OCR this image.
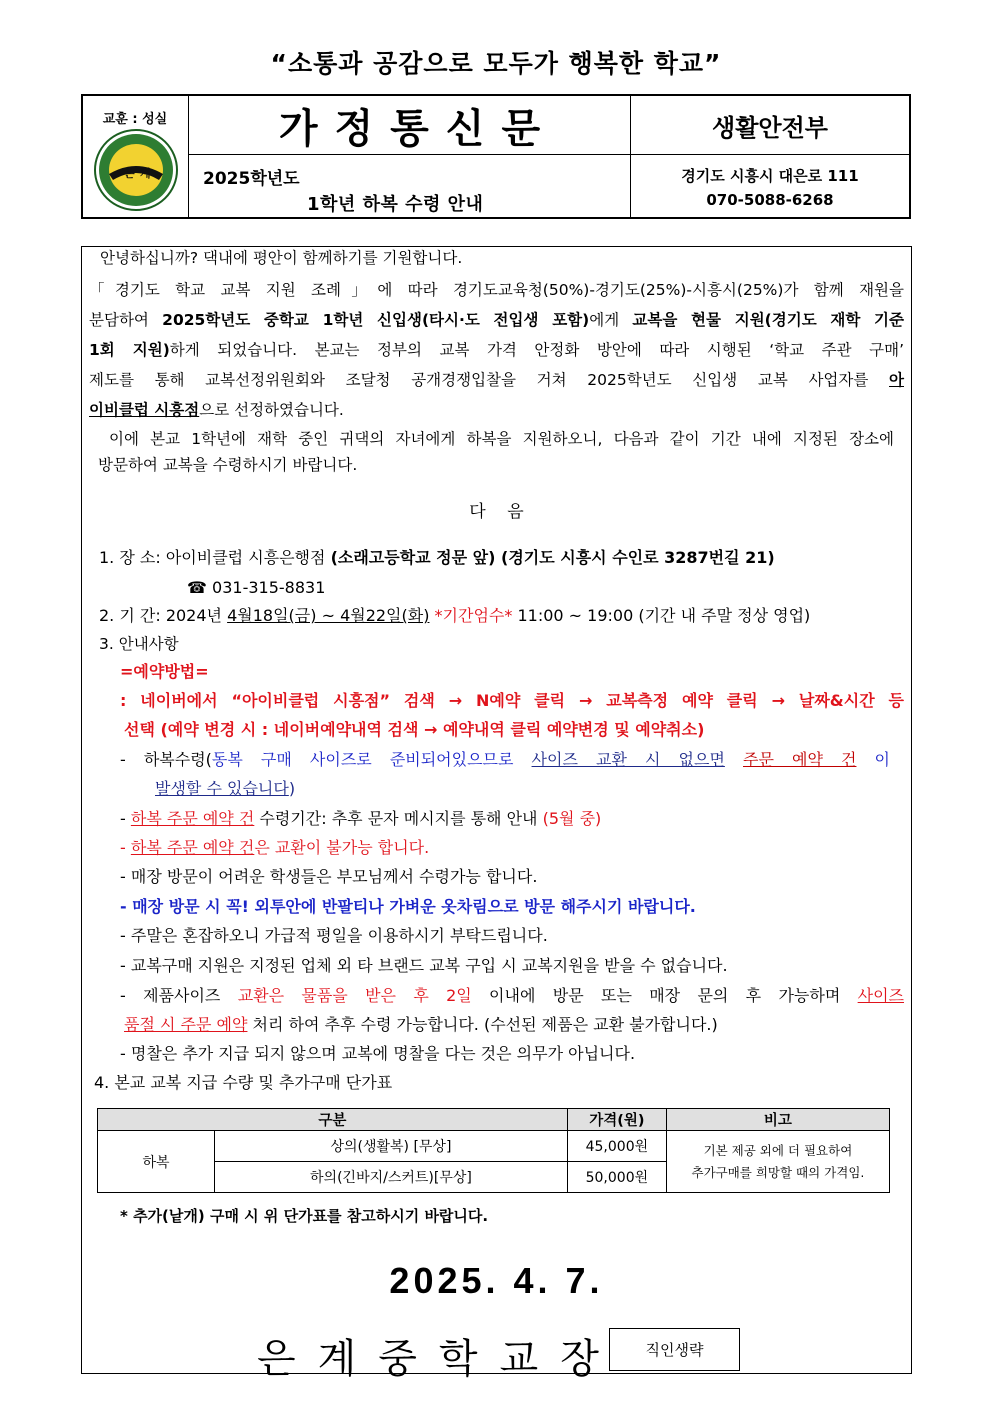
“소통과 공감으로 모두가 행복한 학교”
교훈 : 성실
은 계
가정통신문	생활안전부
2025학년도
1학년 하복 수령 안내
경기도 시흥시 대은로 111
070-5088-6268
안녕하십니까? 댁내에 평안이 함께하기를 기원합니다.
「경기도 학교 교복 지원 조례」에 따라 경기도교육청(50%)-경기도(25%)-시흥시(25%)가 함께 재원을
분담하여 2025학년도 중학교 1학년 신입생(타시·도 전입생 포함)에게 교복을 현물 지원(경기도 재학 기준
1회 지원)하게 되었습니다. 본교는 정부의 교복 가격 안정화 방안에 따라 시행된 ‘학교 주관 구매’
제도를 통해 교복선정위원회와 조달청 공개경쟁입찰을 거쳐 2025학년도 신입생 교복 사업자를 아
이비클럽 시흥점으로 선정하였습니다.
이에 본교 1학년에 재학 중인 귀댁의 자녀에게 하복을 지원하오니, 다음과 같이 기간 내에 지정된 장소에
방문하여 교복을 수령하시기 바랍니다.
다    음
1. 장 소: 아이비클럽 시흥은행점 (소래고등학교 정문 앞) (경기도 시흥시 수인로 3287번길 21)
☎ 031-315-8831
2. 기 간: 2024년 4월18일(금) ~ 4월22일(화) *기간엄수* 11:00 ~ 19:00 (기간 내 주말 정상 영업)
3. 안내사항
=예약방법=
: 네이버에서 “아이비클럽 시흥점” 검색 → N예약 클릭 → 교복측정 예약 클릭 → 날짜&시간 등
선택 (예약 변경 시 : 네이버예약내역 검색 → 예약내역 클릭 예약변경 및 예약취소)
- 하복수령(동복 구매 사이즈로 준비되어있으므로 사이즈 교환 시 없으면 주문 예약 건 이
발생할 수 있습니다)
- 하복 주문 예약 건 수령기간: 추후 문자 메시지를 통해 안내 (5월 중)
- 하복 주문 예약 건은 교환이 불가능 합니다.
- 매장 방문이 어려운 학생들은 부모님께서 수령가능 합니다.
- 매장 방문 시 꼭! 외투안에 반팔티나 가벼운 옷차림으로 방문 해주시기 바랍니다.
- 주말은 혼잡하오니 가급적 평일을 이용하시기 부탁드립니다.
- 교복구매 지원은 지정된 업체 외 타 브랜드 교복 구입 시 교복지원을 받을 수 없습니다.
- 제품사이즈 교환은 물품을 받은 후 2일 이내에 방문 또는 매장 문의 후 가능하며 사이즈
품절 시 주문 예약 처리 하여 추후 수령 가능합니다. (수선된 제품은 교환 불가합니다.)
- 명찰은 추가 지급 되지 않으며 교복에 명찰을 다는 것은 의무가 아닙니다.
4. 본교 교복 지급 수량 및 추가구매 단가표
구분		가격(원)	비고
하복	상의(생활복) [무상]	45,000원	기본 제공 외에 더 필요하여
추가구매를 희망할 때의 가격임.

	하의(긴바지/스커트)[무상]	50,000원	
* 추가(낱개) 구매 시 위 단가표를 참고하시기 바랍니다.
2025. 4. 7.
은계중학교장	직인생략
